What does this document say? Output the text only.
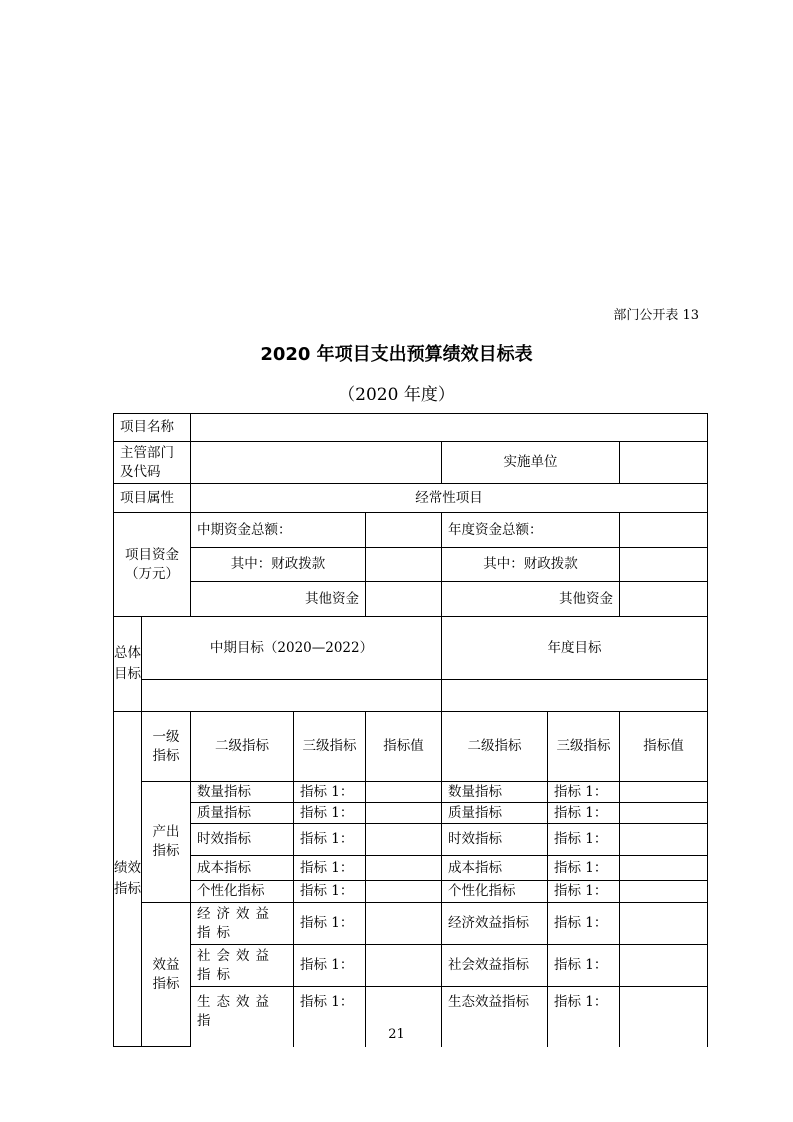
部门公开表 13
2020 年项目支出预算绩效目标表
（2020 年度）
项目名称							
主管部门及代码					实施单位		
项目属性		经常性项目					
项目资金（万元）		中期资金总额：			年度资金总额：		
		其中：财政拨款			其中：财政拨款		
		其他资金			其他资金		
总体目标	中期目标（2020—2022）				年度目标		

绩效指标	一级指标	二级指标	三级指标	指标值	二级指标	三级指标	指标值
	产出指标	数量指标	指标 1：		数量指标	指标 1：	
		质量指标	指标 1：		质量指标	指标 1：	
		时效指标	指标 1：		时效指标	指标 1：	
		成本指标	指标 1：		成本指标	指标 1：	
		个性化指标	指标 1：		个性化指标	指标 1：	
	效益指标	经济效益指标	指标 1：		经济效益指标	指标 1：	
		社会效益指标	指标 1：		社会效益指标	指标 1：	
		生态效益指	指标 1：		生态效益指标	指标 1：	
21
